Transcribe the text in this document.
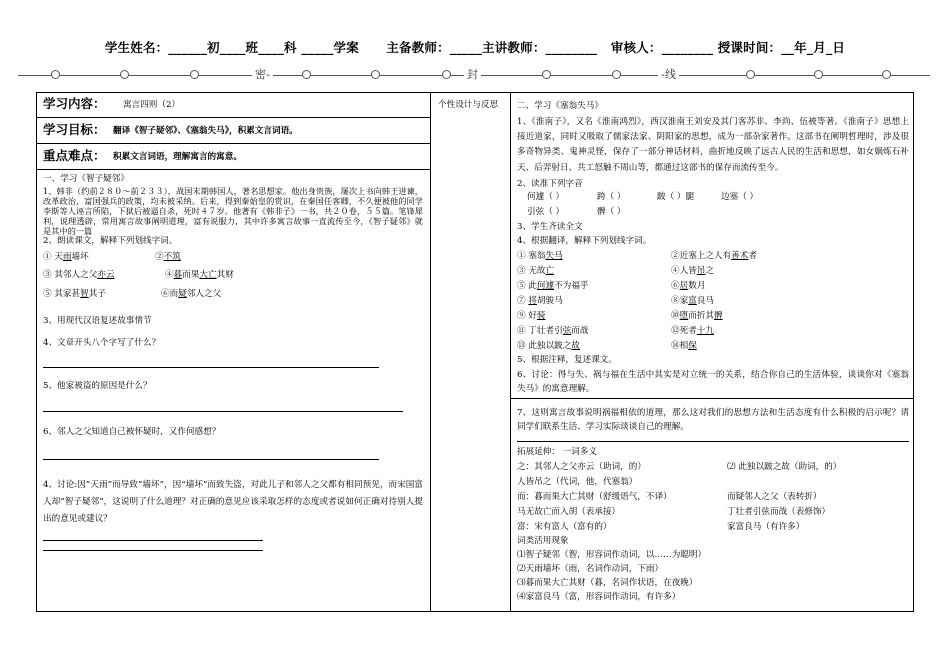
学生姓名：______初____班____科 _____学案      主备教师：_____主讲教师：________   审核人：________ 授课时间：__年_月_日
密-	封	-线
学习内容： 寓言四则（2）
学习目标： 翻译《智子疑邻》、《塞翁失马》，积累文言词语。
重点难点： 积累文言词语，理解寓言的寓意。
一、学习《智子疑邻》
1、韩非（约前２８０～前２３３），战国末期韩国人，著名思想家。他出身贵族，屡次上书向韩王进谏，改革政治，富国强兵的政策，均未被采纳。后来，得到秦始皇的赏识，在秦国任客卿，不久便被他的同学李斯等人诬言所陷，下狱后被逼自杀，死时４７岁。他著有《韩非子》一书，共２０卷，５５篇。笔锋犀利，说理透辟，常用寓言故事阐明道理，富有说服力，其中许多寓言故事一直流传至今，《智子疑邻》就是其中的一篇
2、朗读课文，解释下列划线字词。
① 天雨墙坏	②不筑
③ 其邻人之父亦云	④暮而果大亡其财
⑤ 其家甚智其子	⑥而疑邻人之父
3、用现代汉语复述故事情节
4、文章开头八个字写了什么？
5、他家被盗的原因是什么？
6、邻人之父知道自己被怀疑时，又作何感想？
4、讨论:因“天雨”而导致“墙坏”，因“墙坏”而致失盗，对此儿子和邻人之父都有相同预见，而宋国富人却“智子疑邻”，这说明了什么道理？对正确的意见应该采取怎样的态度或者说如何正确对待别人提出的意见或建议？
个性设计与反思 二、学习《塞翁失马》
1、《淮南子》，又名《淮南鸿烈》，西汉淮南王刘安及其门客苏非、李尚、伍被等著。《淮南子》思想上接近道家，同时又吸取了儒家法家、阴阳家的思想，成为一部杂家著作。这部书在阐明哲理时，涉及很多奇物异类、鬼神灵怪，保存了一部分神话材料，曲折地反映了远古人民的生活和思想，如女娲炼石补天、后羿射日、共工怒触不周山等，都通过这部书的保存而流传至今。
2、读准下列字音
何遽（ ）	跨（ ）	跛（ ）腿	边塞（ ）
引弦（ ）	髀（ ）
3、学生齐读全文
4、根据翻译，解释下列划线字词。
① 塞翁失马	②近塞上之人有善术者
③ 无故亡	④人皆吊之
⑤ 此何遽不为福乎	⑥居数月
⑦ 将胡骏马	⑧家富良马
⑨ 好骑	⑩堕而折其髀
⑪ 丁壮者引弦而战	⑫死者十九
⑬ 此独以跛之故	⑭相保
5、根据注释，复述课文。
6、讨论：得与失、祸与福在生活中其实是对立统一的关系，结合你自己的生活体验，谈谈你对《塞翁失马》的寓意理解。
7、这则寓言故事说明祸福相依的道理，那么这对我们的思想方法和生活态度有什么积极的启示呢？请同学们联系生活、学习实际谈谈自己的理解。
拓展延伸： 一词多义
之：其邻人之父亦云（助词，的）	⑵ 此独以跛之故（助词，的）
人皆吊之（代词，他，代塞翁）
而：暮而果大亡其财（舒缓语气，不译）	而疑邻人之父（表转折）
马无故亡而入胡（表承接）	丁壮者引弦而战（表修饰）
富：宋有富人（富有的）	家富良马（有许多）
词类活用现象
⑴智子疑邻（智，形容词作动词，以……为聪明）
⑵天雨墙坏（雨，名词作动词，下雨）
⑶暮而果大亡其财（暮，名词作状语，在夜晚）
⑷家富良马（富，形容词作动词，有许多）
